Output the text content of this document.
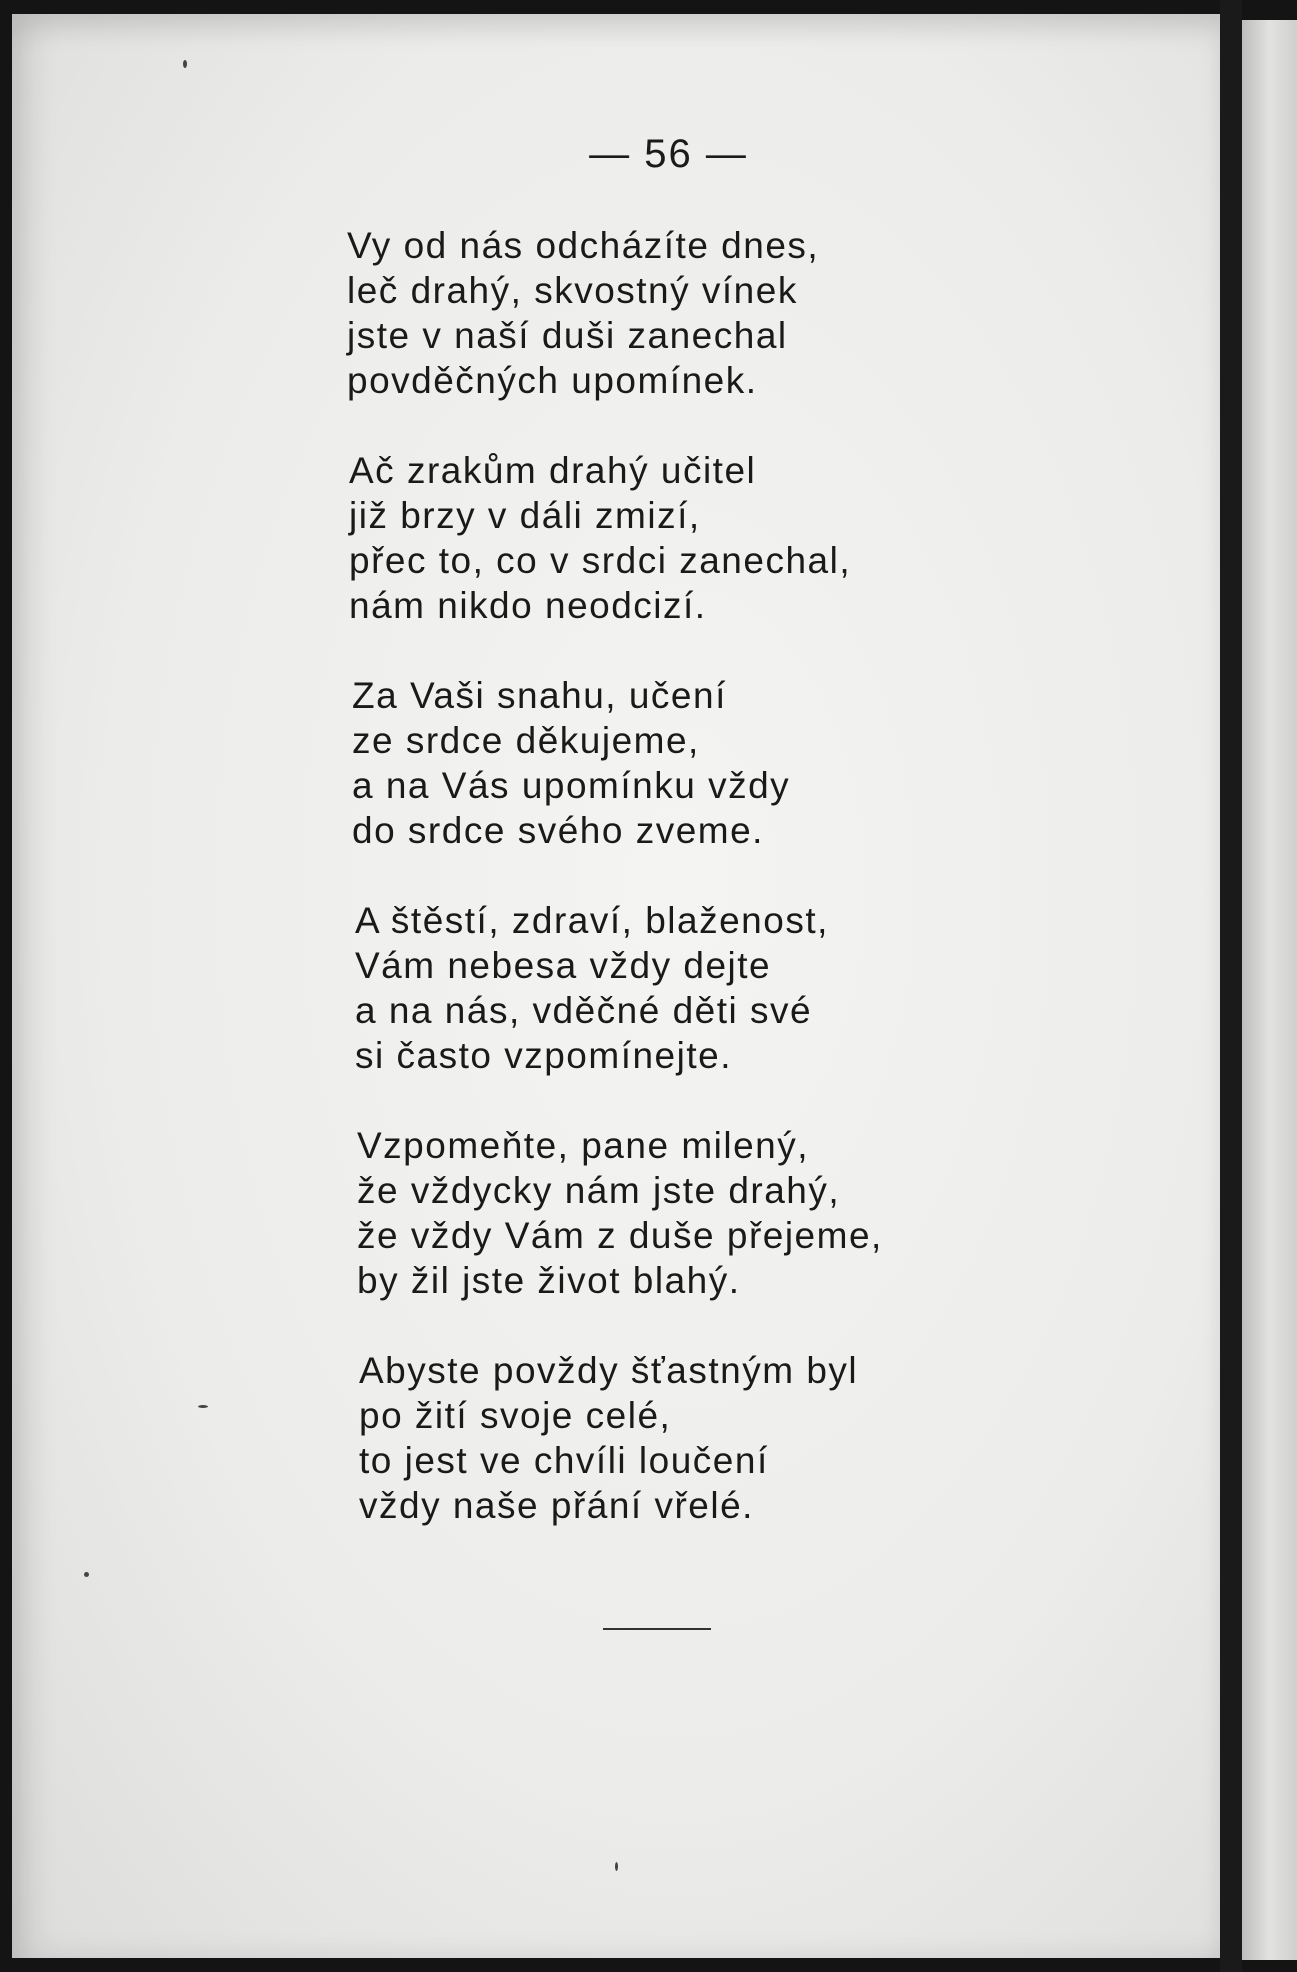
— 56 —
Vy od nás odcházíte dnes,
leč drahý, skvostný vínek
jste v naší duši zanechal
povděčných upomínek.
Ač zrakům drahý učitel
již brzy v dáli zmizí,
přec to, co v srdci zanechal,
nám nikdo neodcizí.
Za Vaši snahu, učení
ze srdce děkujeme,
a na Vás upomínku vždy
do srdce svého zveme.
A štěstí, zdraví, blaženost,
Vám nebesa vždy dejte
a na nás, vděčné děti své
si často vzpomínejte.
Vzpomeňte, pane milený,
že vždycky nám jste drahý,
že vždy Vám z duše přejeme,
by žil jste život blahý.
Abyste povždy šťastným byl
po žití svoje celé,
to jest ve chvíli loučení
vždy naše přání vřelé.
